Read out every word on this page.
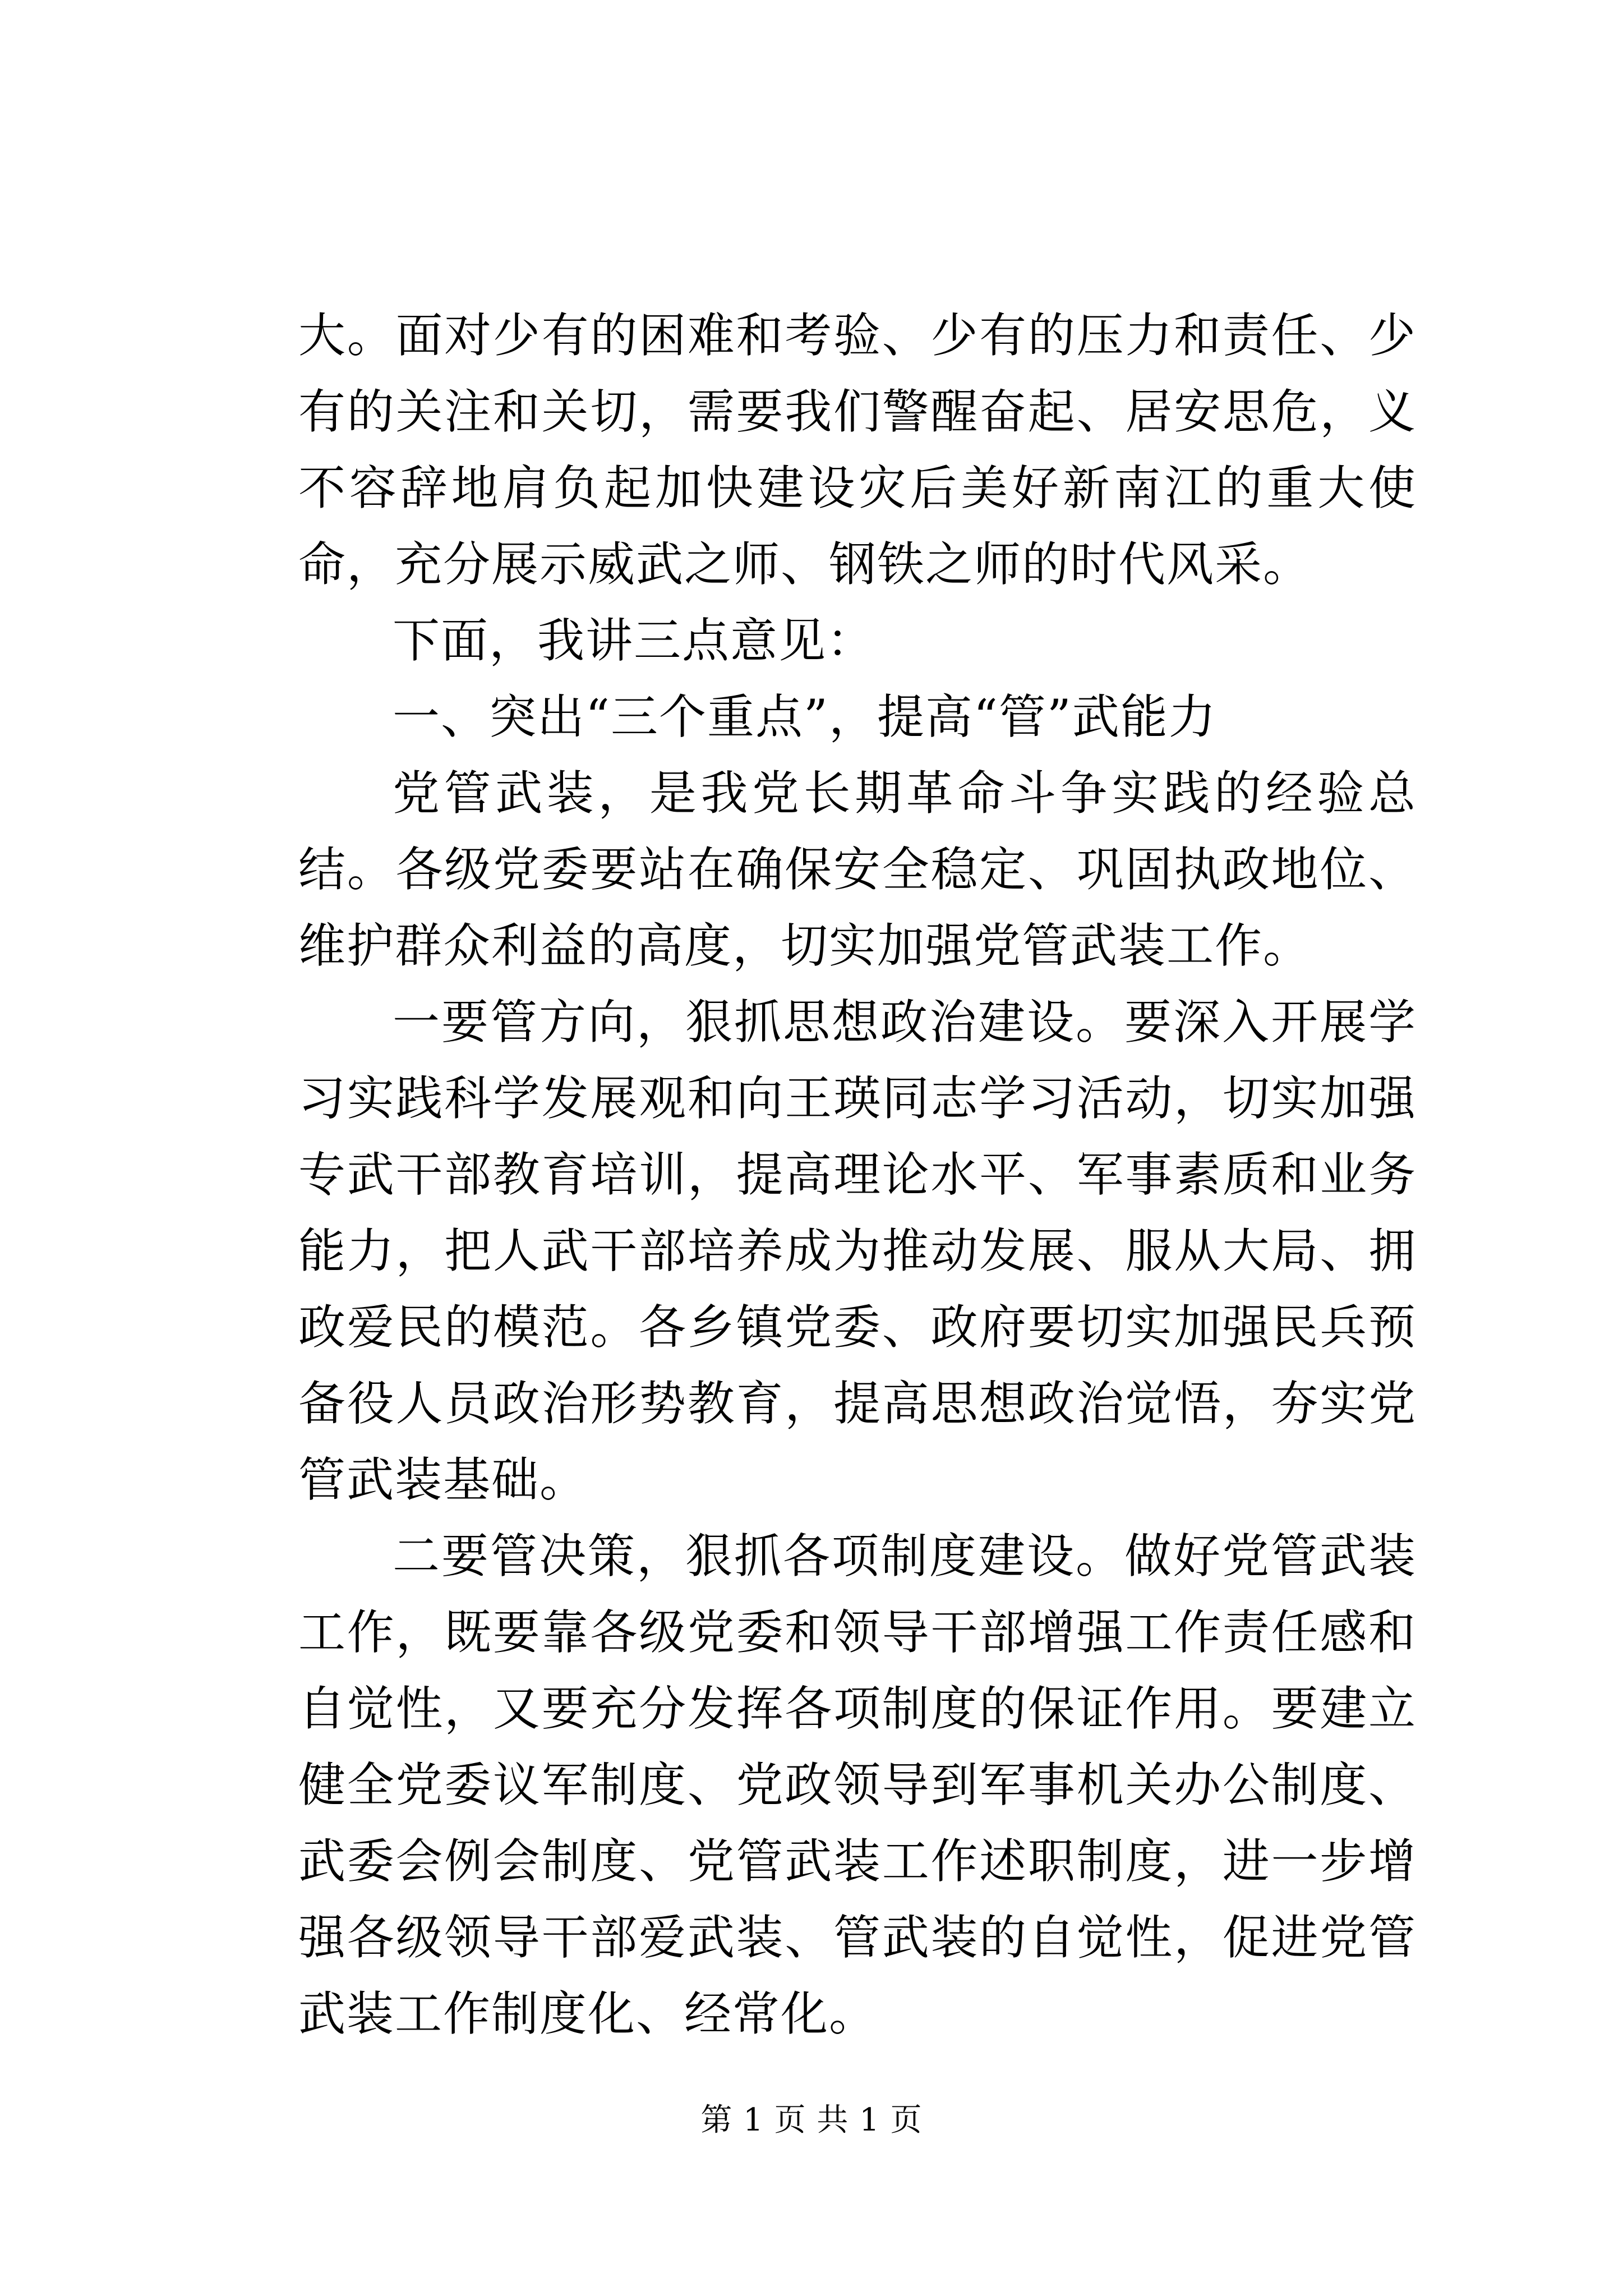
大。面对少有的困难和考验、少有的压力和责任、少有的关注和关切，需要我们警醒奋起、居安思危，义不容辞地肩负起加快建设灾后美好新南江的重大使命，充分展示威武之师、钢铁之师的时代风采。

下面，我讲三点意见：

一、突出“三个重点”，提高“管”武能力

党管武装，是我党长期革命斗争实践的经验总结。各级党委要站在确保安全稳定、巩固执政地位、维护群众利益的高度，切实加强党管武装工作。

一要管方向，狠抓思想政治建设。要深入开展学习实践科学发展观和向王瑛同志学习活动，切实加强专武干部教育培训，提高理论水平、军事素质和业务能力，把人武干部培养成为推动发展、服从大局、拥政爱民的模范。各乡镇党委、政府要切实加强民兵预备役人员政治形势教育，提高思想政治觉悟，夯实党管武装基础。

二要管决策，狠抓各项制度建设。做好党管武装工作，既要靠各级党委和领导干部增强工作责任感和自觉性，又要充分发挥各项制度的保证作用。要建立健全党委议军制度、党政领导到军事机关办公制度、武委会例会制度、党管武装工作述职制度，进一步增强各级领导干部爱武装、管武装的自觉性，促进党管武装工作制度化、经常化。

第 1 页 共 1 页
